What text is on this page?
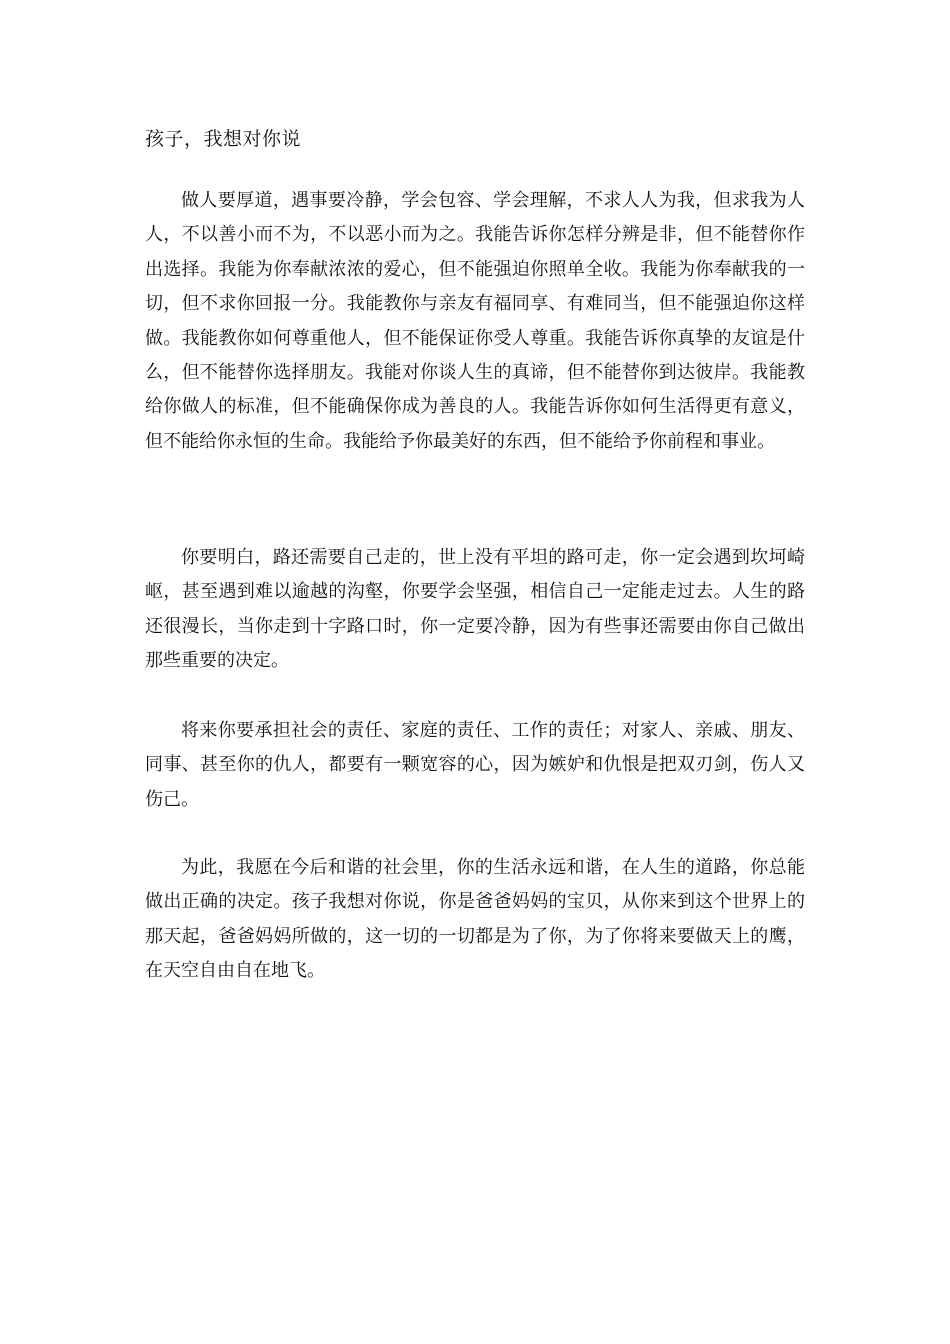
孩子，我想对你说

做人要厚道，遇事要冷静，学会包容、学会理解，不求人人为我，但求我为人人，不以善小而不为，不以恶小而为之。我能告诉你怎样分辨是非，但不能替你作出选择。我能为你奉献浓浓的爱心，但不能强迫你照单全收。我能为你奉献我的一切，但不求你回报一分。我能教你与亲友有福同享、有难同当，但不能强迫你这样做。我能教你如何尊重他人，但不能保证你受人尊重。我能告诉你真挚的友谊是什么，但不能替你选择朋友。我能对你谈人生的真谛，但不能替你到达彼岸。我能教给你做人的标准，但不能确保你成为善良的人。我能告诉你如何生活得更有意义，但不能给你永恒的生命。我能给予你最美好的东西，但不能给予你前程和事业。

你要明白，路还需要自己走的，世上没有平坦的路可走，你一定会遇到坎坷崎岖，甚至遇到难以逾越的沟壑，你要学会坚强，相信自己一定能走过去。人生的路还很漫长，当你走到十字路口时，你一定要冷静，因为有些事还需要由你自己做出那些重要的决定。

将来你要承担社会的责任、家庭的责任、工作的责任；对家人、亲戚、朋友、同事、甚至你的仇人，都要有一颗宽容的心，因为嫉妒和仇恨是把双刃剑，伤人又伤己。

为此，我愿在今后和谐的社会里，你的生活永远和谐，在人生的道路，你总能做出正确的决定。孩子我想对你说，你是爸爸妈妈的宝贝，从你来到这个世界上的那天起，爸爸妈妈所做的，这一切的一切都是为了你，为了你将来要做天上的鹰，在天空自由自在地飞。
